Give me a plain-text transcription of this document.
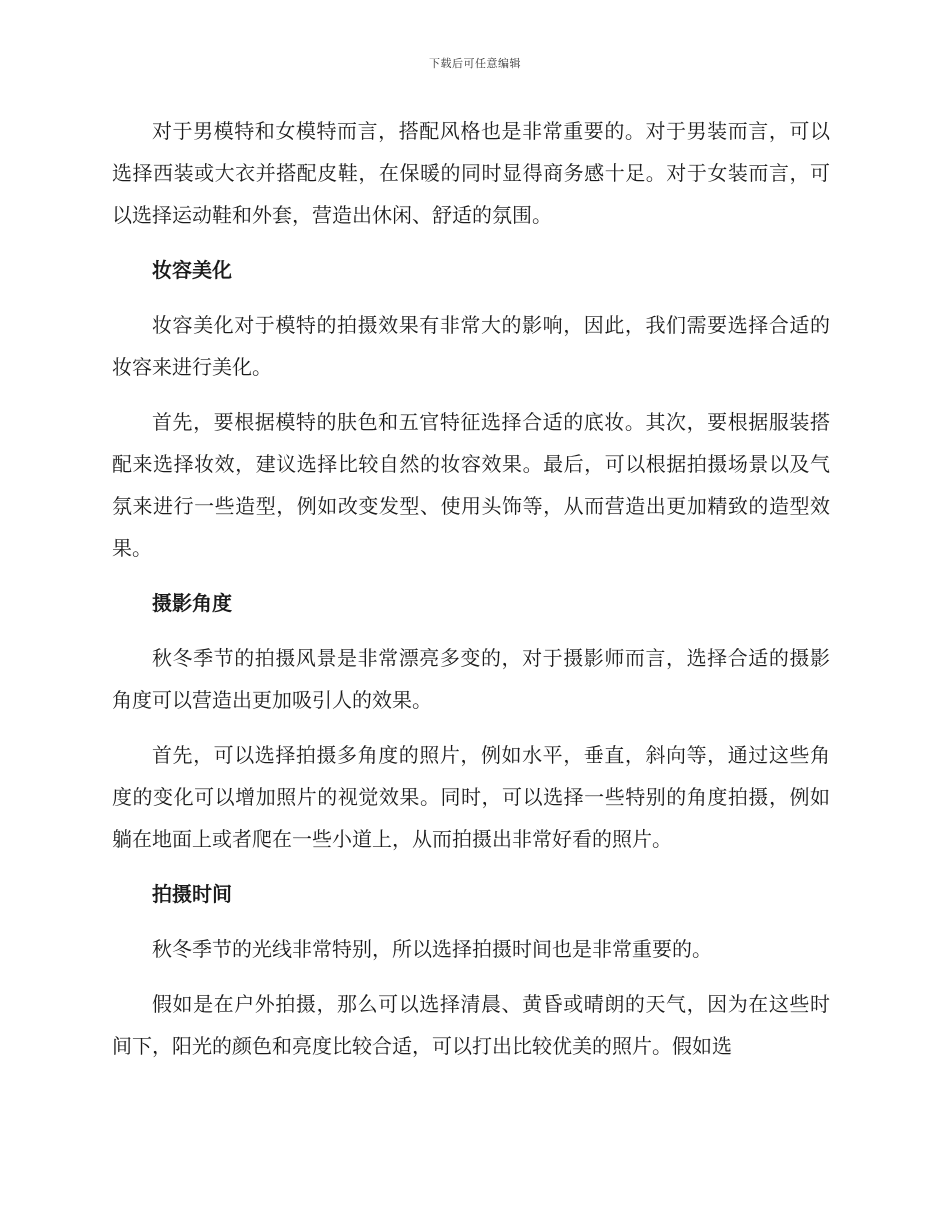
下载后可任意编辑

对于男模特和女模特而言，搭配风格也是非常重要的。对于男装而言，可以选择西装或大衣并搭配皮鞋，在保暖的同时显得商务感十足。对于女装而言，可以选择运动鞋和外套，营造出休闲、舒适的氛围。

妆容美化

妆容美化对于模特的拍摄效果有非常大的影响，因此，我们需要选择合适的妆容来进行美化。

首先，要根据模特的肤色和五官特征选择合适的底妆。其次，要根据服装搭配来选择妆效，建议选择比较自然的妆容效果。最后，可以根据拍摄场景以及气氛来进行一些造型，例如改变发型、使用头饰等，从而营造出更加精致的造型效果。

摄影角度

秋冬季节的拍摄风景是非常漂亮多变的，对于摄影师而言，选择合适的摄影角度可以营造出更加吸引人的效果。

首先，可以选择拍摄多角度的照片，例如水平，垂直，斜向等，通过这些角度的变化可以增加照片的视觉效果。同时，可以选择一些特别的角度拍摄，例如躺在地面上或者爬在一些小道上，从而拍摄出非常好看的照片。

拍摄时间

秋冬季节的光线非常特别，所以选择拍摄时间也是非常重要的。

假如是在户外拍摄，那么可以选择清晨、黄昏或晴朗的天气，因为在这些时间下，阳光的颜色和亮度比较合适，可以打出比较优美的照片。假如选
